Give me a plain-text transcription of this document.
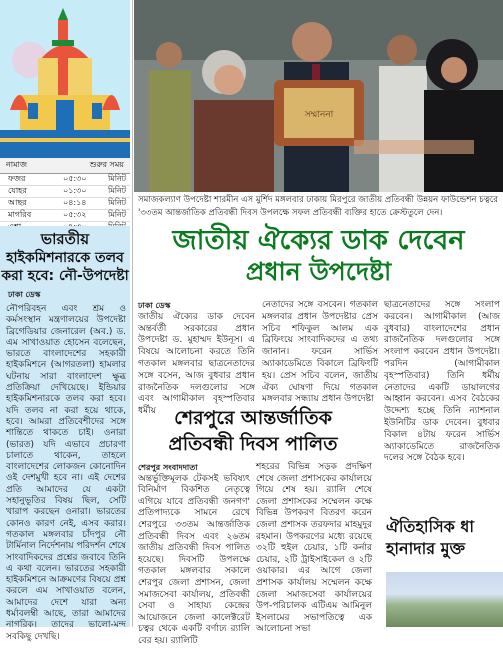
নামাজ	শুরুর সময়
ফজর	০৫:৩০	মিনিট
যোহর	০১:৩০	মিনিট
আছর	০৪:১৪	মিনিট
মাগরিব	০৫:৩২	মিনিট
ভারতীয়
হাইকমিশনারকে তলব
করা হবে: নৌ-উপদেষ্টা
ঢাকা ডেস্ক
নৌপরিবহন এবং শ্রম ও কর্মসংস্থান মন্ত্রণালয়ের উপদেষ্টা ব্রিগেডিয়ার জেনারেল (অব.) ড. এম সাখাওয়াত হোসেন বলেছেন, ভারতে বাংলাদেশের সহকারী হাইকমিশনে (আগরতলা) হামলার ঘটনায় সারা বাংলাদেশ ক্ষুব্ধ প্রতিক্রিয়া দেখিয়েছে। ইন্ডিয়ার হাইকমিশনারকে তলব করা হবে। যদি তলব না করা হয়ে থাকে, হবে। আমরা প্রতিবেশীদের সঙ্গে শান্তিতে থাকতে চাই। ওনারা (ভারত) যদি এভাবে প্রচারণা চালাতে থাকেন, তাহলে বাংলাদেশের লোকজন কোনোদিন ওই দেশমুখী হবে না। এই দেশের প্রতি আমাদের যে একটা সহানুভূতির বিষয় ছিল, সেটি খারাপ করছেন ওনারা। ভারতের কোনও কারণ নেই, এসব করার। গতকাল মঙ্গলবার চাঁদপুর নৌ টার্মিনাল নির্দেশনায় পরিদর্শন শেষে সাংবাদিকদের প্রশ্নের জবাবে তিনি এ কথা বলেন। ভারতের সহকারী হাইকমিশনে আক্রমণের বিষয়ে প্রশ্ন করলে এম সাখাওয়াত বলেন, আমাদের দেশে যারা অন্য ধর্মাবলম্বী আছে, তারা আমাদের নাগরিক। তাদের ভালো-মন্দ সবকিছু দেখছি।
সম্মাননা
সমাজকল্যাণ উপদেষ্টা শারমীন এস মুর্শিদ মঙ্গলবার ঢাকায় মিরপুরে জাতীয় প্রতিবন্ধী উন্নয়ন ফাউন্ডেশন চত্বরে '৩৩তম আন্তর্জাতিক প্রতিবন্ধী দিবস উপলক্ষে সফল প্রতিবন্ধী ব্যক্তির হাতে ক্রেস্টতুলে দেন।
জাতীয় ঐক্যের ডাক দেবেন
প্রধান উপদেষ্টা
ঢাকা ডেস্ক
জাতীয় ঐক্যের ডাক দেবেন অন্তর্বর্তী সরকারের প্রধান উপদেষ্টা ড. মুহাম্মদ ইউনূস। এ বিষয়ে আলোচনা করতে তিনি গতকাল মঙ্গলবার ছাত্রনেতাদের সঙ্গে বসেন, আজ বুধবার প্রধান রাজনৈতিক দলগুলোর সঙ্গে এবং আগামীকাল বৃহস্পতিবার ধর্মীয়
নেতাদের সঙ্গে বসবেন। গতকাল মঙ্গলবার প্রধান উপদেষ্টার প্রেস সচিব শফিকুল আলম এক ব্রিফিংয়ে সাংবাদিকদের এ তথ্য জানান। ফরেন সার্ভিস অ্যাকাডেমিতে বিকালে ব্রিফিংটি হয়। প্রেস সচিব বলেন, জাতীয় ঐক্য ঘোষণা দিয়ে গতকাল মঙ্গলবার সন্ধ্যায় প্রধান উপদেষ্টা
ছাত্রনেতাদের সঙ্গে সংলাপ করবেন। আগামীকাল (আজ বুধবার) বাংলাদেশের প্রধান রাজনৈতিক দলগুলোর সঙ্গে সংলাপ করবেন প্রধান উপদেষ্টা। পরদিন (আগামীকাল বৃহস্পতিবার) তিনি ধর্মীয় নেতাদের একটি ডায়ালগের আহ্বান করবেন। এসব বৈঠকের উদ্দেশ্য হচ্ছে তিনি ন্যাশনাল ইউনিটির ডাক দেবেন। বুধবার বিকাল ৪টায় ফরেন সার্ভিস অ্যাকাডেমিতে রাজনৈতিক দলের সঙ্গে বৈঠক হবে।
শেরপুরে আন্তর্জাতিক
প্রতিবন্ধী দিবস পালিত
শেরপুর সংবাদদাতা
অন্তর্ভুক্তিমূলক টেকসই ভবিষ্যৎ বিনির্মাণ বিকশিত নেতৃত্বে এগিয়ে যাবে প্রতিবন্ধী জনগণ' প্রতিপাদ্যকে সামনে রেখে শেরপুরে ৩৩তম আন্তর্জাতিক প্রতিবন্ধী দিবস এবং ২৬তম জাতীয় প্রতিবন্ধী দিবস পালিত হয়েছে। দিবসটি উপলক্ষে গতকাল মঙ্গলবার সকালে শেরপুর জেলা প্রশাসন, জেলা সমাজসেবা কার্যালয়, প্রতিবন্ধী সেবা ও সাহায্য কেন্দ্রের আয়োজনে জেলা কালেক্টরেট চত্বর থেকে একটি বর্ণাঢ্য র‍্যালি বের হয়। র‍্যালিটি
শহরের বিভিন্ন সড়ক প্রদক্ষিণ শেষে জেলা প্রশাসকের কার্যালয়ে গিয়ে শেষ হয়। র‍্যালি শেষে জেলা প্রশাসকের সম্মেলন কক্ষে বিভিন্ন উপকরণ বিতরণ করেন জেলা প্রশাসক তরফদার মাহমুদুর রহমান। উপকরণের মধ্যে রয়েছে ৩২টি হুইল চেয়ার, ১টি কর্নার চেয়ার, ২টি ট্রাইসাইকেল ও ২টি ওয়াকার। এর আগে জেলা প্রশাসক কার্যালয় সম্মেলন কক্ষে জেলা সমাজসেবা কার্যালয়ের উপ-পরিচালক এটিএম আমিনুল ইসলামের সভাপতিত্বে এক আলোচনা সভা
ঐতিহাসিক ধা
হানাদার মুক্ত
